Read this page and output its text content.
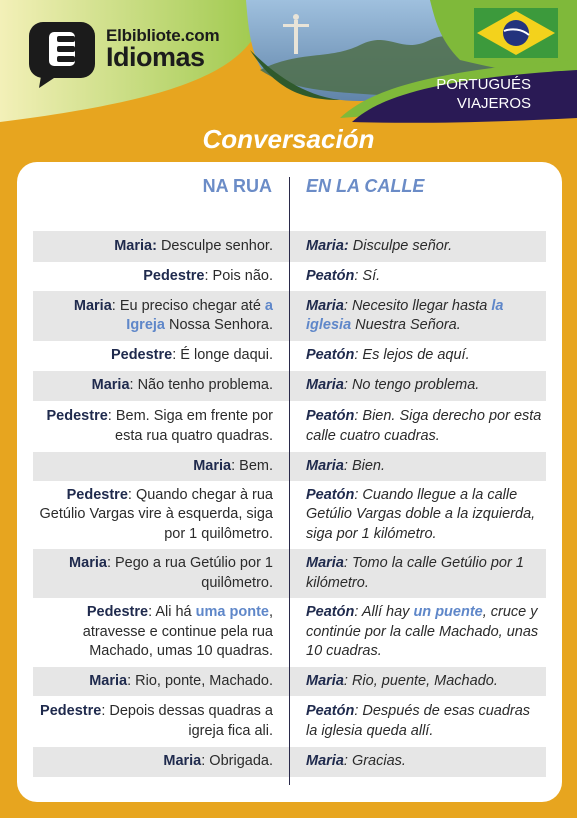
Elbibliote.com
Idiomas
PORTUGUÉS
VIAJEROS
Conversación
NA RUA EN LA CALLE
Maria: Desculpe senhor. Maria: Disculpe señor.
Pedestre: Pois não. Peatón: Sí.
Maria: Eu preciso chegar até a Igreja Nossa Senhora.
Maria: Necesito llegar hasta la iglesia Nuestra Señora.
Pedestre: É longe daqui. Peatón: Es lejos de aquí.
Maria: Não tenho problema. Maria: No tengo problema.
Pedestre: Bem. Siga em frente por esta rua quatro quadras.
Peatón: Bien. Siga derecho por esta calle cuatro cuadras.
Maria: Bem. Maria: Bien.
Pedestre: Quando chegar à rua Getúlio Vargas vire à esquerda, siga por 1 quilômetro.
Peatón: Cuando llegue a la calle Getúlio Vargas doble a la izquierda, siga por 1 kilómetro.
Maria: Pego a rua Getúlio por 1 quilômetro.
Maria: Tomo la calle Getúlio por 1 kilómetro.
Pedestre: Ali há uma ponte, atravesse e continue pela rua Machado, umas 10 quadras.
Peatón: Allí hay un puente, cruce y continúe por la calle Machado, unas 10 cuadras.
Maria: Rio, ponte, Machado. Maria: Rio, puente, Machado.
Pedestre: Depois dessas quadras a igreja fica ali.
Peatón: Después de esas cuadras la iglesia queda allí.
Maria: Obrigada. Maria: Gracias.
